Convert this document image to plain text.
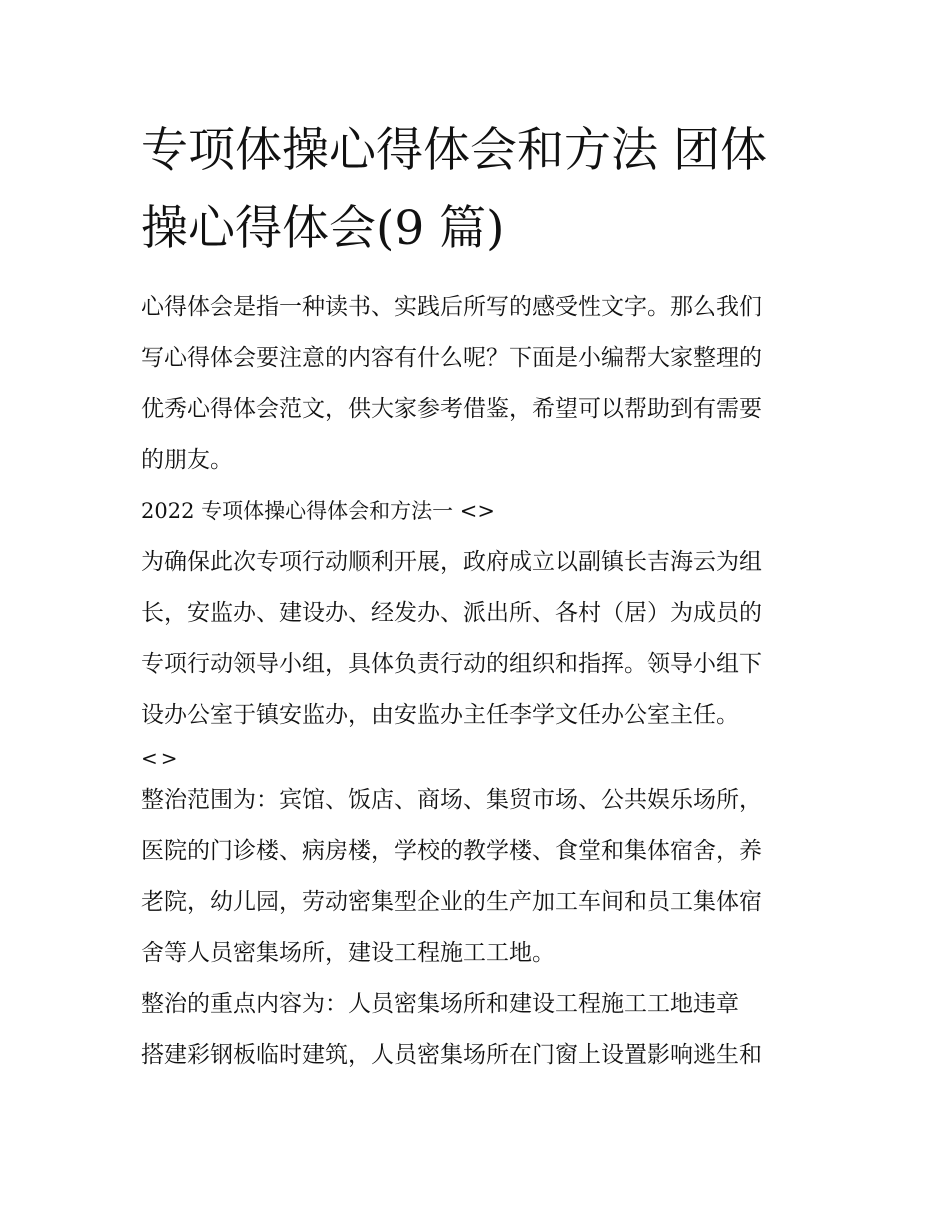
专项体操心得体会和方法 团体
操心得体会(9 篇)

心得体会是指一种读书、实践后所写的感受性文字。那么我们
写心得体会要注意的内容有什么呢？下面是小编帮大家整理的
优秀心得体会范文，供大家参考借鉴，希望可以帮助到有需要
的朋友。

2022 专项体操心得体会和方法一 <>

为确保此次专项行动顺利开展，政府成立以副镇长吉海云为组
长，安监办、建设办、经发办、派出所、各村（居）为成员的
专项行动领导小组，具体负责行动的组织和指挥。领导小组下
设办公室于镇安监办，由安监办主任李学文任办公室主任。

<>

整治范围为：宾馆、饭店、商场、集贸市场、公共娱乐场所，
医院的门诊楼、病房楼，学校的教学楼、食堂和集体宿舍，养
老院，幼儿园，劳动密集型企业的生产加工车间和员工集体宿
舍等人员密集场所，建设工程施工工地。

整治的重点内容为：人员密集场所和建设工程施工工地违章
搭建彩钢板临时建筑，人员密集场所在门窗上设置影响逃生和
